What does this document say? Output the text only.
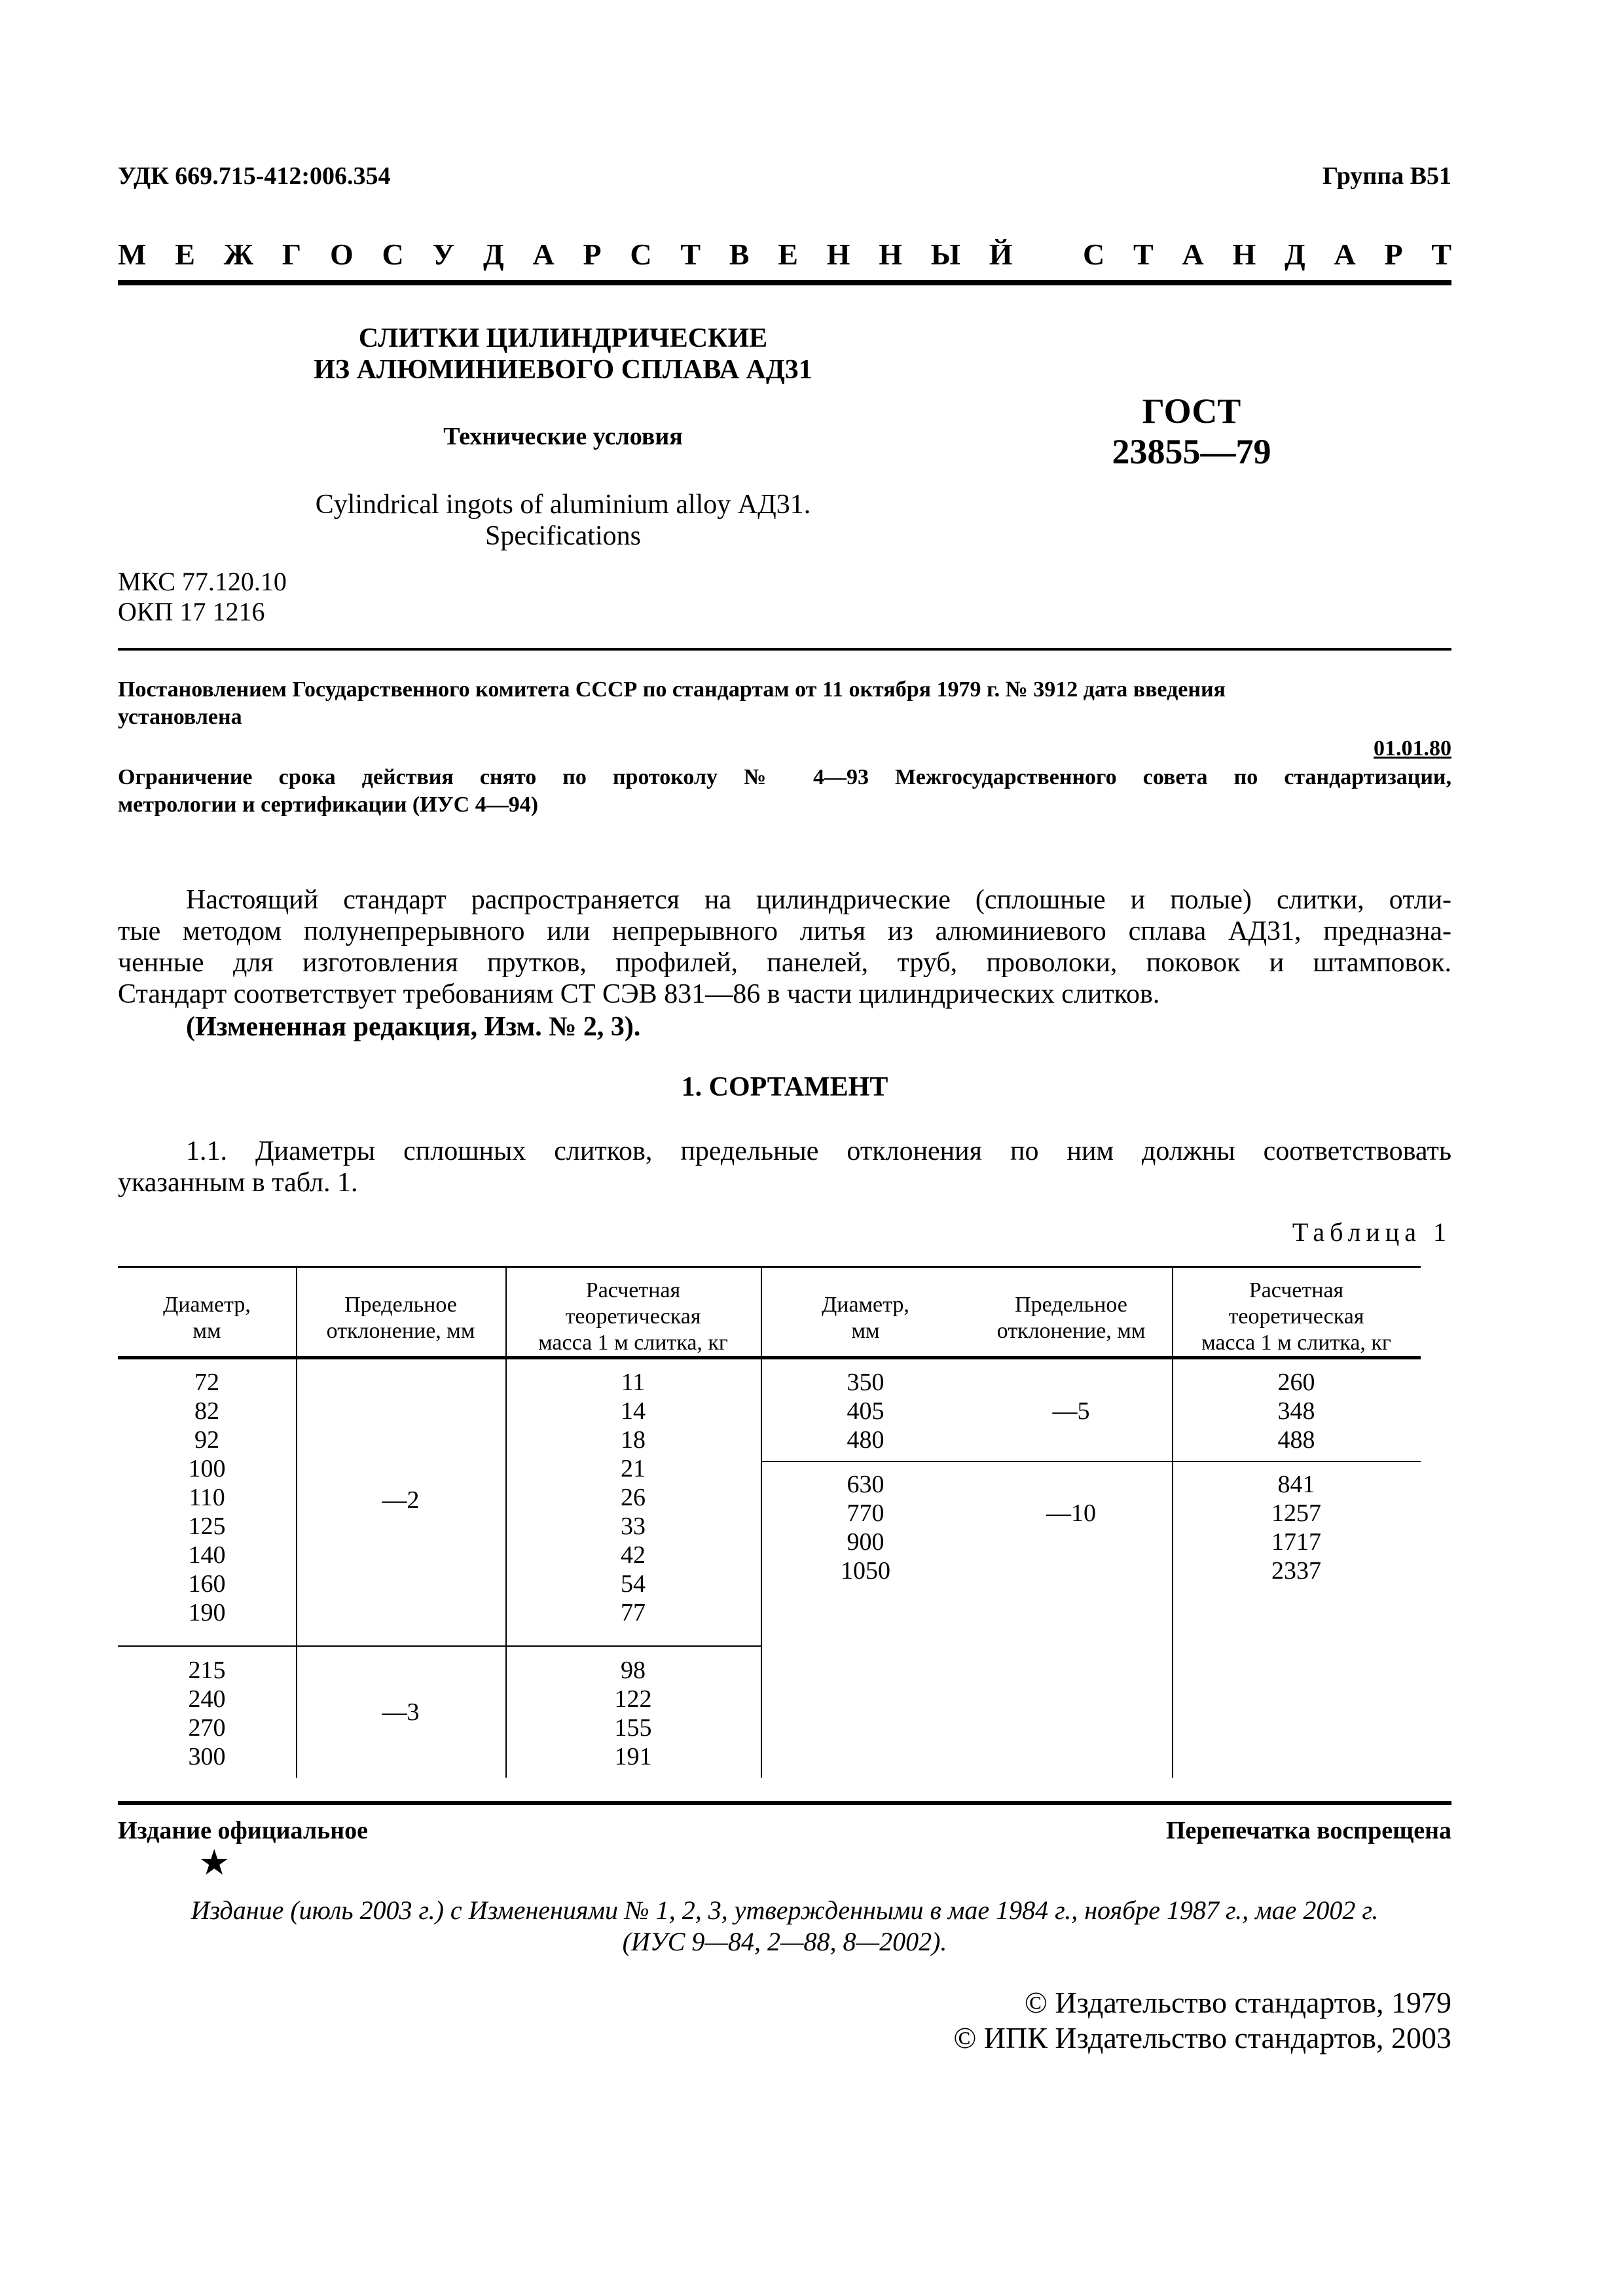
УДК 669.715-412:006.354	Группа В51
М Е Ж Г О С У Д А Р С Т В Е Н Н Ы Й С Т А Н Д А Р Т
СЛИТКИ ЦИЛИНДРИЧЕСКИЕ
ИЗ АЛЮМИНИЕВОГО СПЛАВА АД31
Технические условия
Cylindrical ingots of aluminium alloy АД31.
Specifications
ГОСТ
23855—79
МКС 77.120.10
ОКП 17 1216
Постановлением Государственного комитета СССР по стандартам от 11 октября 1979 г. № 3912 дата введения
установлена
01.01.80
Ограничение срока действия снято по протоколу № 4—93 Межгосударственного совета по стандартизации,
метрологии и сертификации (ИУС 4—94)
Настоящий стандарт распространяется на цилиндрические (сплошные и полые) слитки, отли-
тые методом полунепрерывного или непрерывного литья из алюминиевого сплава АД31, предназна-
ченные для изготовления прутков, профилей, панелей, труб, проволоки, поковок и штамповок.
Стандарт соответствует требованиям СТ СЭВ 831—86 в части цилиндрических слитков.
(Измененная редакция, Изм. № 2, 3).
1. СОРТАМЕНТ
1.1. Диаметры сплошных слитков, предельные отклонения по ним должны соответствовать
указанным в табл. 1.
Таблица 1
Диаметр,
мм
Предельное
отклонение, мм
Расчетная
теоретическая
масса 1 м слитка, кг
Диаметр,
мм
Предельное
отклонение, мм
Расчетная
теоретическая
масса 1 м слитка, кг
72
82
92
100
110
125
140
160
190
—2
11
14
18
21
26
33
42
54
77
215
240
270
300
—3
98
122
155
191
350
405
480
—5
260
348
488
630
770
900
1050
—10
841
1257
1717
2337
Издание официальное	Перепечатка воспрещена
★
Издание (июль 2003 г.) с Изменениями № 1, 2, 3, утвержденными в мае 1984 г., ноябре 1987 г., мае 2002 г.
(ИУС 9—84, 2—88, 8—2002).
© Издательство стандартов, 1979
© ИПК Издательство стандартов, 2003
